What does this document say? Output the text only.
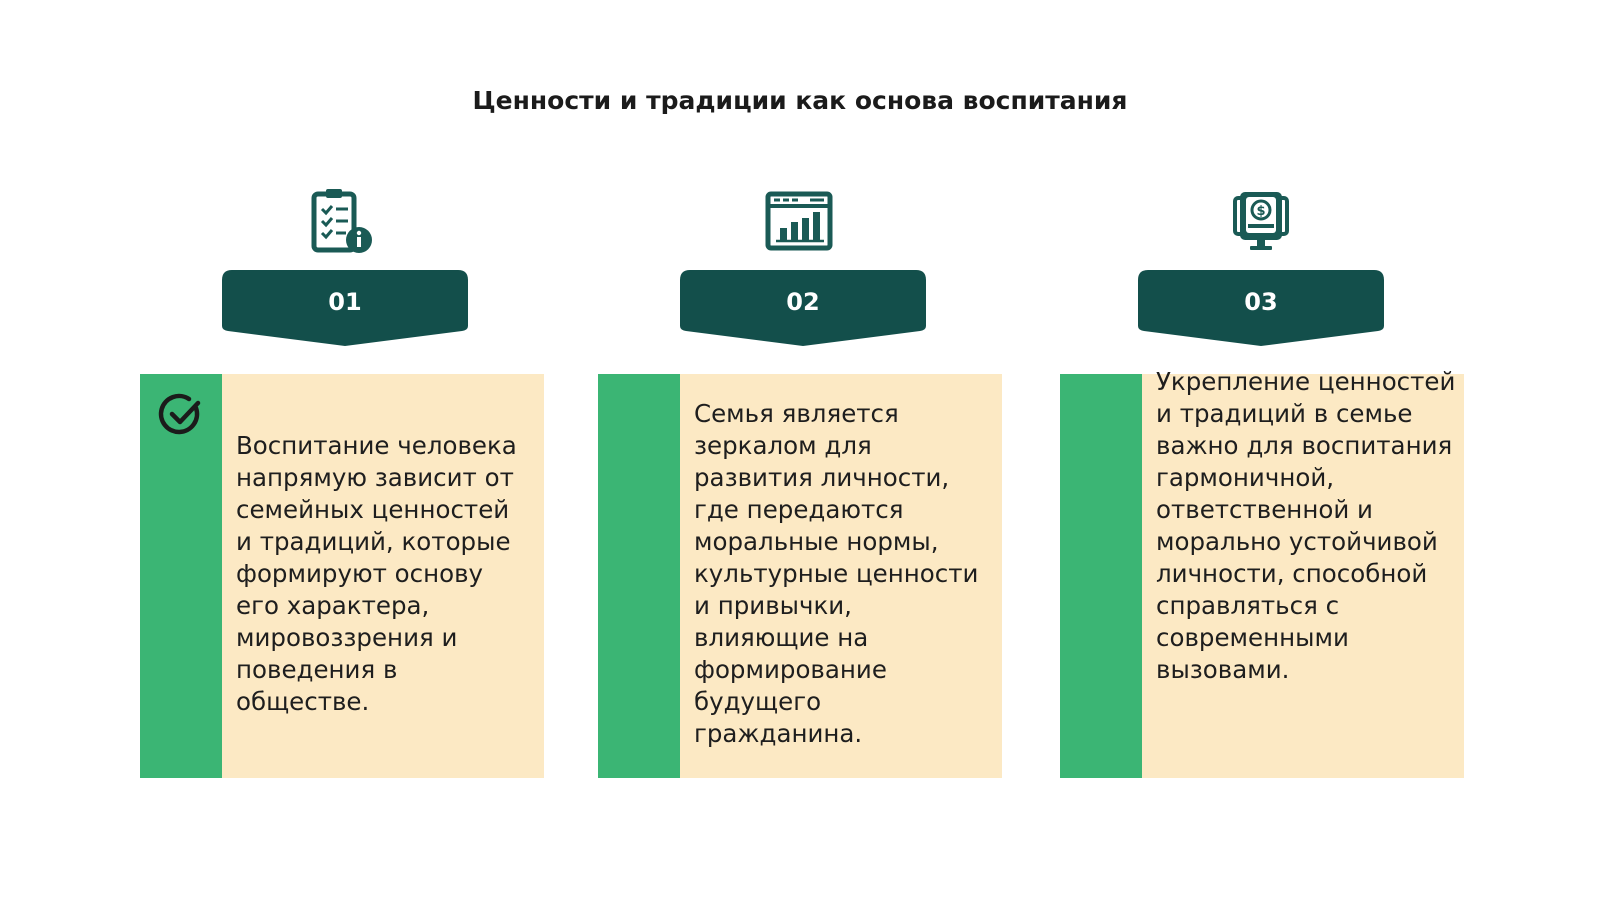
Ценности и традиции как основа воспитания
01
Воспитание человека напрямую зависит от семейных ценностей и традиций, которые формируют основу его характера, мировоззрения и поведения в обществе.
02
Семья является зеркалом для развития личности, где передаются моральные нормы, культурные ценности и привычки, влияющие на формирование будущего гражданина.
$
03
Укрепление ценностей и традиций в семье важно для воспитания гармоничной, ответственной и морально устойчивой личности, способной справляться с современными вызовами.
